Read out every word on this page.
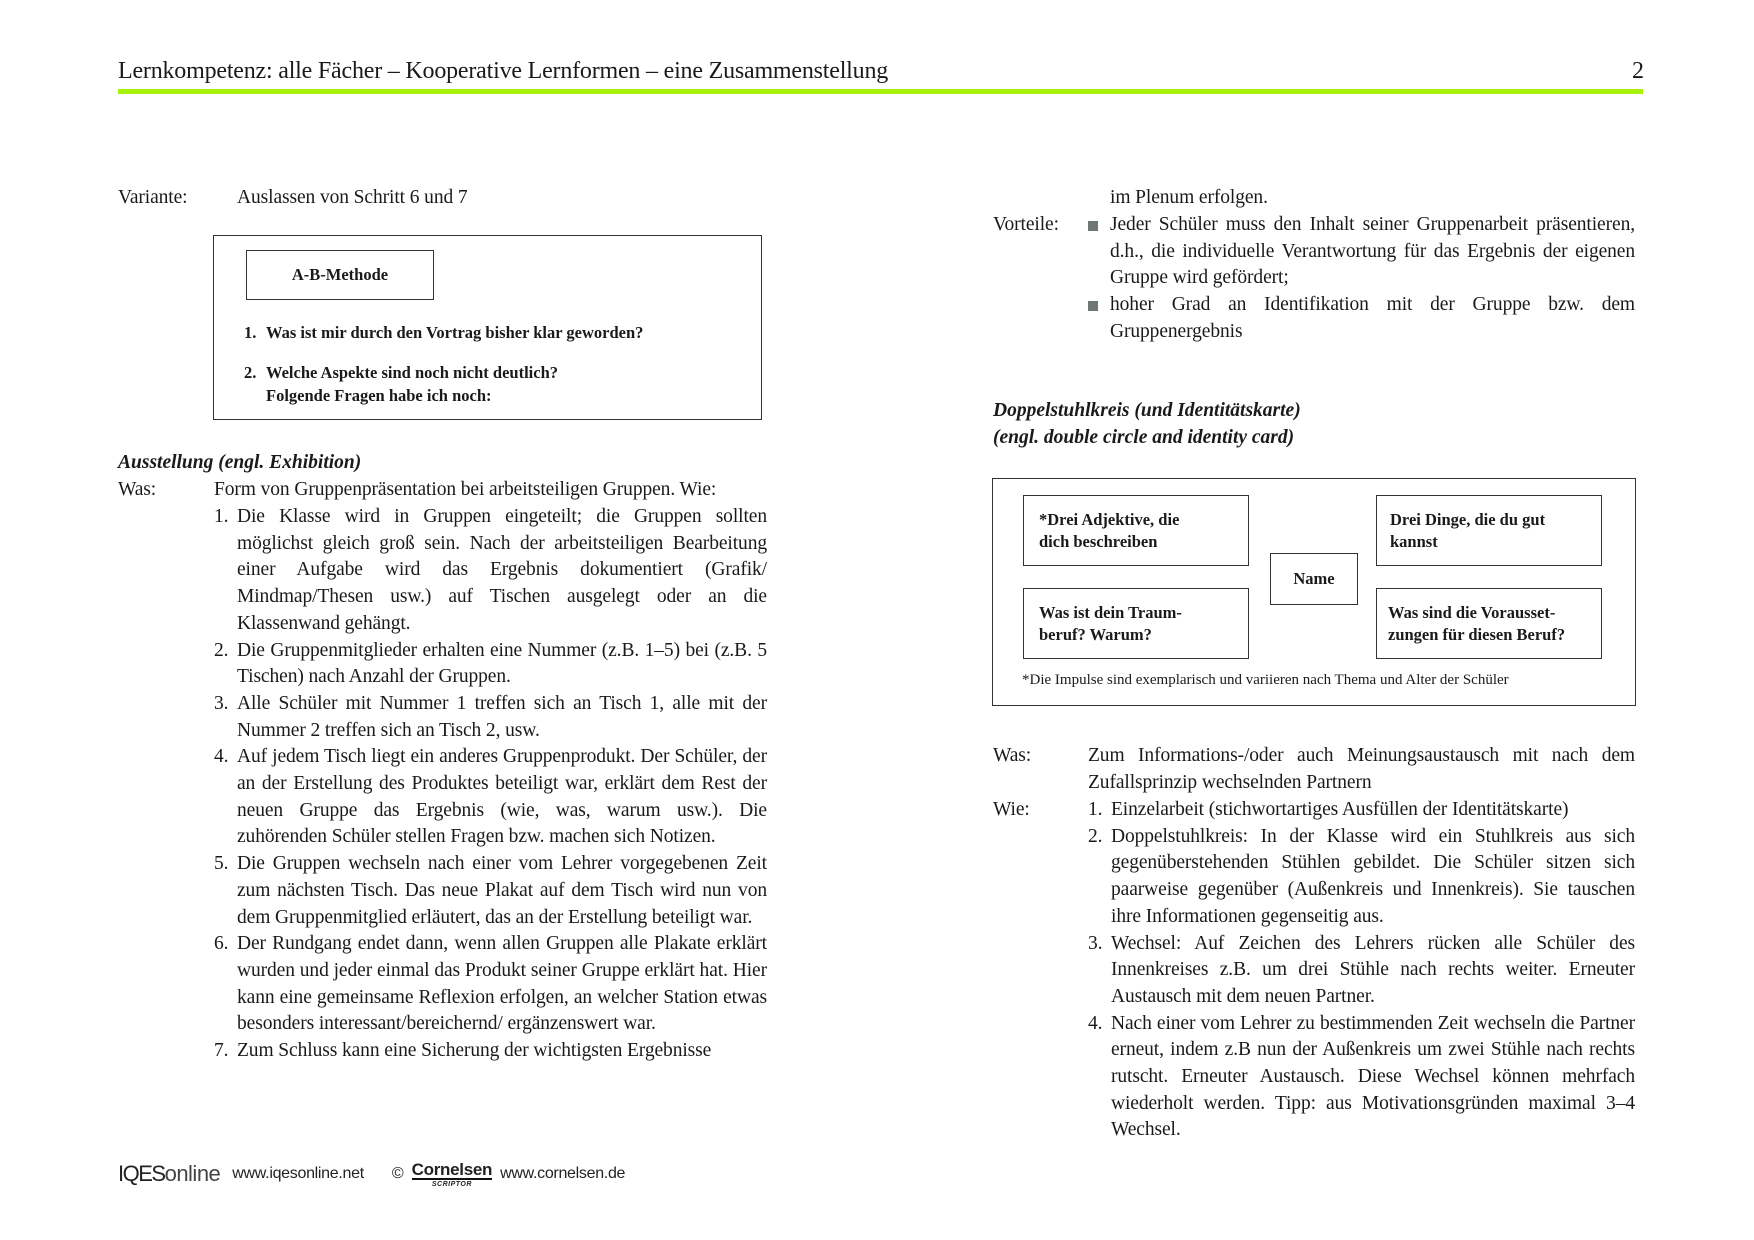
Lernkompetenz: alle Fächer – Kooperative Lernformen – eine Zusammenstellung	2
Variante:	Auslassen von Schritt 6 und 7
A-B-Methode
1. Was ist mir durch den Vortrag bisher klar geworden?
2. Welche Aspekte sind noch nicht deutlich?
Folgende Fragen habe ich noch:
Ausstellung (engl. Exhibition)
Was:	Form von Gruppenpräsentation bei arbeitsteiligen Gruppen. Wie:
1. Die Klasse wird in Gruppen eingeteilt; die Gruppen sollten möglichst gleich groß sein. Nach der arbeitsteiligen Bearbeitung einer Aufgabe wird das Ergebnis dokumentiert (Grafik/ Mindmap/Thesen usw.) auf Tischen ausgelegt oder an die Klassenwand gehängt.
2. Die Gruppenmitglieder erhalten eine Nummer (z.B. 1–5) bei (z.B. 5 Tischen) nach Anzahl der Gruppen.
3. Alle Schüler mit Nummer 1 treffen sich an Tisch 1, alle mit der Nummer 2 treffen sich an Tisch 2, usw.
4. Auf jedem Tisch liegt ein anderes Gruppenprodukt. Der Schüler, der an der Erstellung des Produktes beteiligt war, erklärt dem Rest der neuen Gruppe das Ergebnis (wie, was, warum usw.). Die zuhörenden Schüler stellen Fragen bzw. machen sich Notizen.
5. Die Gruppen wechseln nach einer vom Lehrer vorgegebenen Zeit zum nächsten Tisch. Das neue Plakat auf dem Tisch wird nun von dem Gruppenmitglied erläutert, das an der Erstellung beteiligt war.
6. Der Rundgang endet dann, wenn allen Gruppen alle Plakate erklärt wurden und jeder einmal das Produkt seiner Gruppe erklärt hat. Hier kann eine gemeinsame Reflexion erfolgen, an welcher Station etwas besonders interessant/bereichernd/ ergänzenswert war.
7. Zum Schluss kann eine Sicherung der wichtigsten Ergebnisse
im Plenum erfolgen.
Vorteile:	Jeder Schüler muss den Inhalt seiner Gruppenarbeit präsentieren, d.h., die individuelle Verantwortung für das Ergebnis der eigenen Gruppe wird gefördert;
hoher Grad an Identifikation mit der Gruppe bzw. dem Gruppenergebnis
Doppelstuhlkreis (und Identitätskarte)
(engl. double circle and identity card)
*Drei Adjektive, die
dich beschreiben
Drei Dinge, die du gut
kannst
Name
Was ist dein Traum-
beruf? Warum?
Was sind die Vorausset-
zungen für diesen Beruf?
*Die Impulse sind exemplarisch und variieren nach Thema und Alter der Schüler
Was:	Zum Informations-/oder auch Meinungsaustausch mit nach dem Zufallsprinzip wechselnden Partnern
Wie:	1. Einzelarbeit (stichwortartiges Ausfüllen der Identitätskarte)
2. Doppelstuhlkreis: In der Klasse wird ein Stuhlkreis aus sich gegenüberstehenden Stühlen gebildet. Die Schüler sitzen sich paarweise gegenüber (Außenkreis und Innenkreis). Sie tauschen ihre Informationen gegenseitig aus.
3. Wechsel: Auf Zeichen des Lehrers rücken alle Schüler des Innenkreises z.B. um drei Stühle nach rechts weiter. Erneuter Austausch mit dem neuen Partner.
4. Nach einer vom Lehrer zu bestimmenden Zeit wechseln die Partner erneut, indem z.B nun der Außenkreis um zwei Stühle nach rechts rutscht. Erneuter Austausch. Diese Wechsel können mehrfach wiederholt werden. Tipp: aus Motivationsgründen maximal 3–4 Wechsel.
IQESonline www.iqesonline.net © Cornelsen
SCRIPTOR
www.cornelsen.de
